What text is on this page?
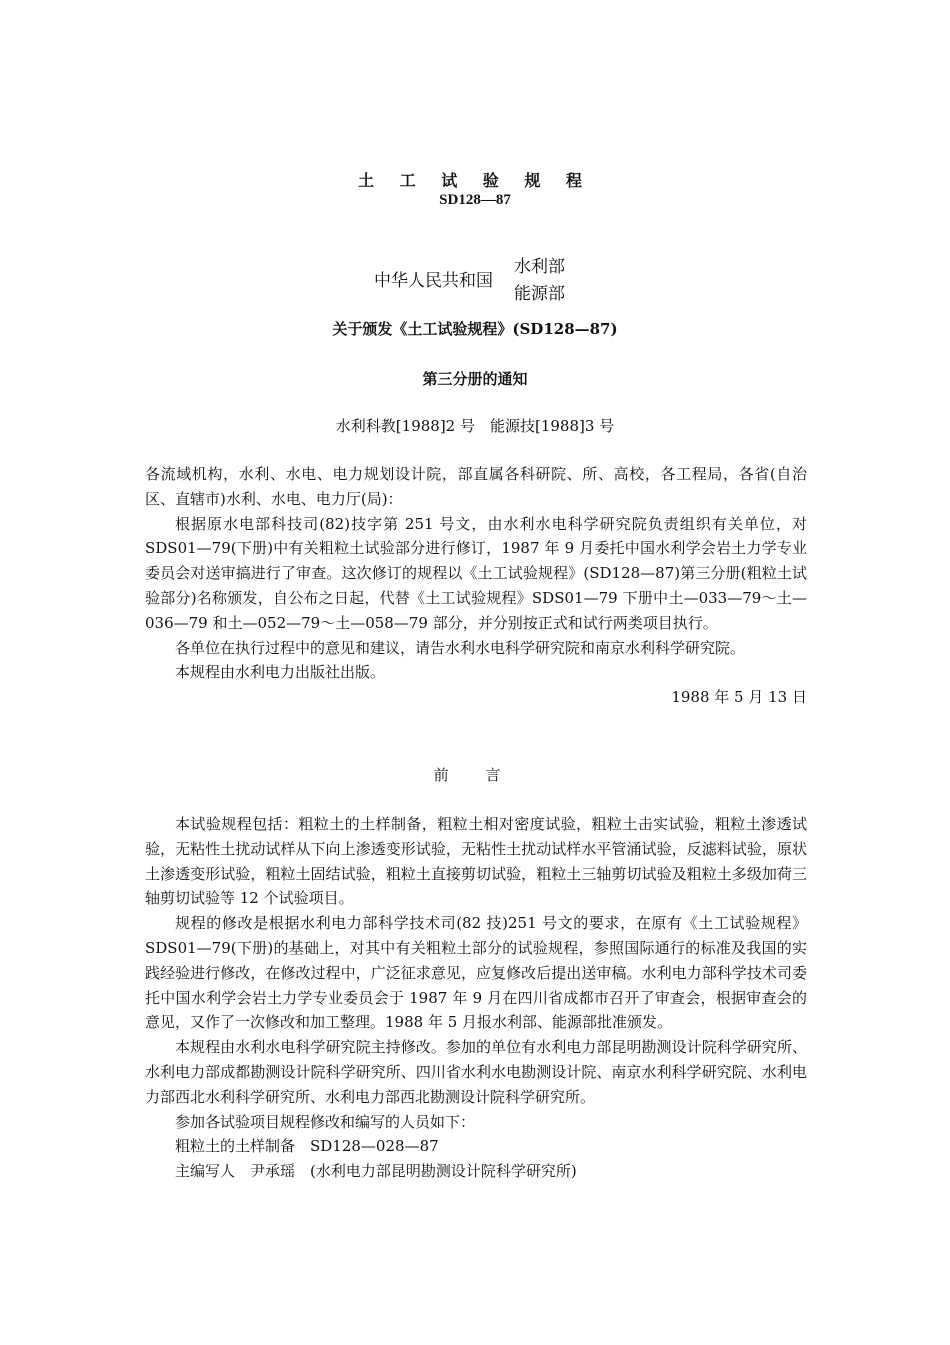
土 工 试 验 规 程
SD128—87
中华人民共和国
水利部
能源部
关于颁发《土工试验规程》(SD128—87)
第三分册的通知
水利科教[1988]2 号　能源技[1988]3 号

各流域机构，水利、水电、电力规划设计院，部直属各科研院、所、高校，各工程局，各省(自治区、直辖市)水利、水电、电力厅(局)：

根据原水电部科技司(82)技字第 251 号文，由水利水电科学研究院负责组织有关单位，对 SDS01—79(下册)中有关粗粒土试验部分进行修订，1987 年 9 月委托中国水利学会岩土力学专业委员会对送审搞进行了审查。这次修订的规程以《土工试验规程》(SD128—87)第三分册(粗粒土试验部分)名称颁发，自公布之日起，代替《土工试验规程》SDS01—79 下册中土—033—79～土—036—79 和土—052—79～土—058—79 部分，并分别按正式和试行两类项目执行。

各单位在执行过程中的意见和建议，请告水利水电科学研究院和南京水利科学研究院。

本规程由水利电力出版社出版。

1988 年 5 月 13 日

前 言

本试验规程包括：粗粒土的土样制备，粗粒土相对密度试验，粗粒土击实试验，粗粒土渗透试验，无粘性土扰动试样从下向上渗透变形试验，无粘性土扰动试样水平管涌试验，反滤料试验，原状土渗透变形试验，粗粒土固结试验，粗粒土直接剪切试验，粗粒土三轴剪切试验及粗粒土多级加荷三轴剪切试验等 12 个试验项目。

规程的修改是根据水利电力部科学技术司(82 技)251 号文的要求，在原有《土工试验规程》SDS01—79(下册)的基础上，对其中有关粗粒土部分的试验规程，参照国际通行的标准及我国的实践经验进行修改，在修改过程中，广泛征求意见，应复修改后提出送审稿。水利电力部科学技术司委托中国水利学会岩土力学专业委员会于 1987 年 9 月在四川省成都市召开了审查会，根据审查会的意见，又作了一次修改和加工整理。1988 年 5 月报水利部、能源部批准颁发。

本规程由水利水电科学研究院主持修改。参加的单位有水利电力部昆明勘测设计院科学研究所、水利电力部成都勘测设计院科学研究所、四川省水利水电勘测设计院、南京水利科学研究院、水利电力部西北水利科学研究所、水利电力部西北勘测设计院科学研究所。

参加各试验项目规程修改和编写的人员如下：

粗粒土的土样制备　SD128—028—87

主编写人　尹承瑶　(水利电力部昆明勘测设计院科学研究所)
